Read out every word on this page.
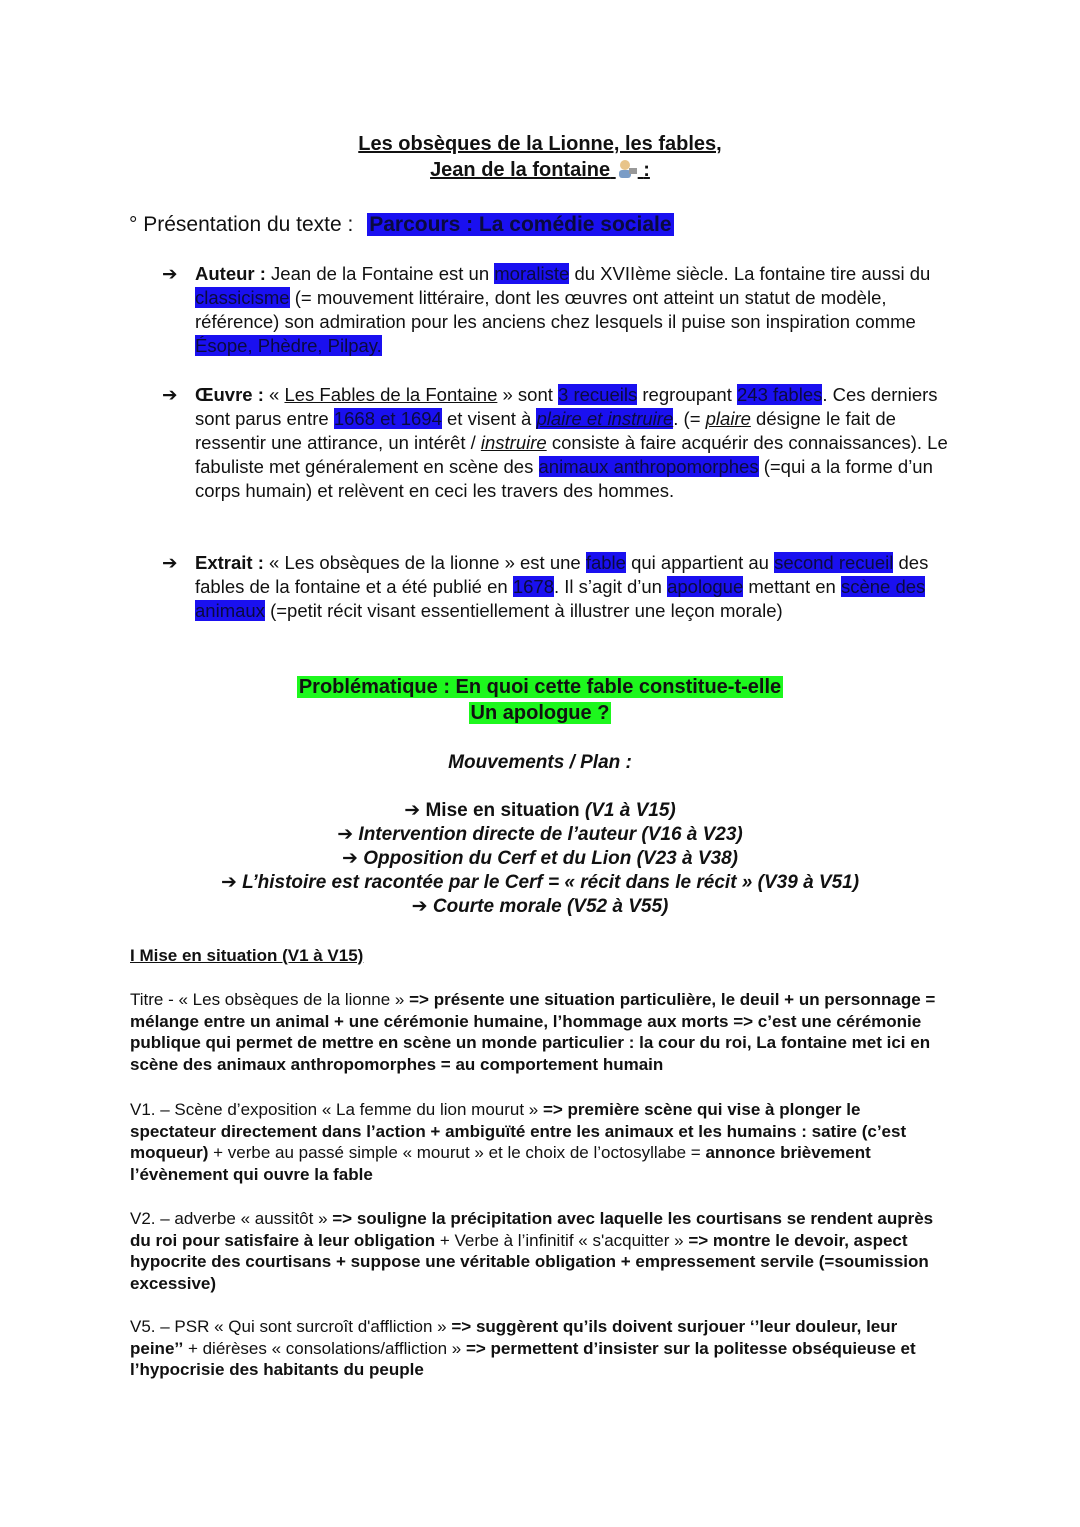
Les obsèques de la Lionne, les fables,
Jean de la fontaine :
° Présentation du texte : Parcours : La comédie sociale
➔ Auteur : Jean de la Fontaine est un moraliste du XVIIème siècle. La fontaine tire aussi du classicisme (= mouvement littéraire, dont les œuvres ont atteint un statut de modèle, référence) son admiration pour les anciens chez lesquels il puise son inspiration comme Ésope, Phèdre, Pilpay.
➔ Œuvre : « Les Fables de la Fontaine » sont 3 recueils regroupant 243 fables. Ces derniers sont parus entre 1668 et 1694 et visent à plaire et instruire. (= plaire désigne le fait de ressentir une attirance, un intérêt / instruire consiste à faire acquérir des connaissances). Le fabuliste met généralement en scène des animaux anthropomorphes (=qui a la forme d’un corps humain) et relèvent en ceci les travers des hommes.
➔ Extrait : « Les obsèques de la lionne » est une fable qui appartient au second recueil des fables de la fontaine et a été publié en 1678. Il s’agit d’un apologue mettant en scène des animaux (=petit récit visant essentiellement à illustrer une leçon morale)
Problématique : En quoi cette fable constitue-t-elle
Un apologue ?
Mouvements / Plan :
➔ Mise en situation (V1 à V15)
➔ Intervention directe de l’auteur (V16 à V23)
➔ Opposition du Cerf et du Lion (V23 à V38)
➔ L’histoire est racontée par le Cerf = « récit dans le récit » (V39 à V51)
➔ Courte morale (V52 à V55)
I Mise en situation (V1 à V15)
Titre - « Les obsèques de la lionne » => présente une situation particulière, le deuil + un personnage = mélange entre un animal + une cérémonie humaine, l’hommage aux morts => c’est une cérémonie publique qui permet de mettre en scène un monde particulier : la cour du roi, La fontaine met ici en scène des animaux anthropomorphes = au comportement humain
V1. – Scène d’exposition « La femme du lion mourut » => première scène qui vise à plonger le spectateur directement dans l’action + ambiguïté entre les animaux et les humains : satire (c’est moqueur) + verbe au passé simple « mourut » et le choix de l’octosyllabe = annonce brièvement l’évènement qui ouvre la fable
V2. – adverbe « aussitôt » => souligne la précipitation avec laquelle les courtisans se rendent auprès du roi pour satisfaire à leur obligation + Verbe à l’infinitif « s'acquitter » => montre le devoir, aspect hypocrite des courtisans + suppose une véritable obligation + empressement servile (=soumission excessive)
V5. – PSR « Qui sont surcroît d'affliction » => suggèrent qu’ils doivent surjouer ‘’leur douleur, leur peine’’ + diérèses « consolations/affliction » => permettent d’insister sur la politesse obséquieuse et l’hypocrisie des habitants du peuple
